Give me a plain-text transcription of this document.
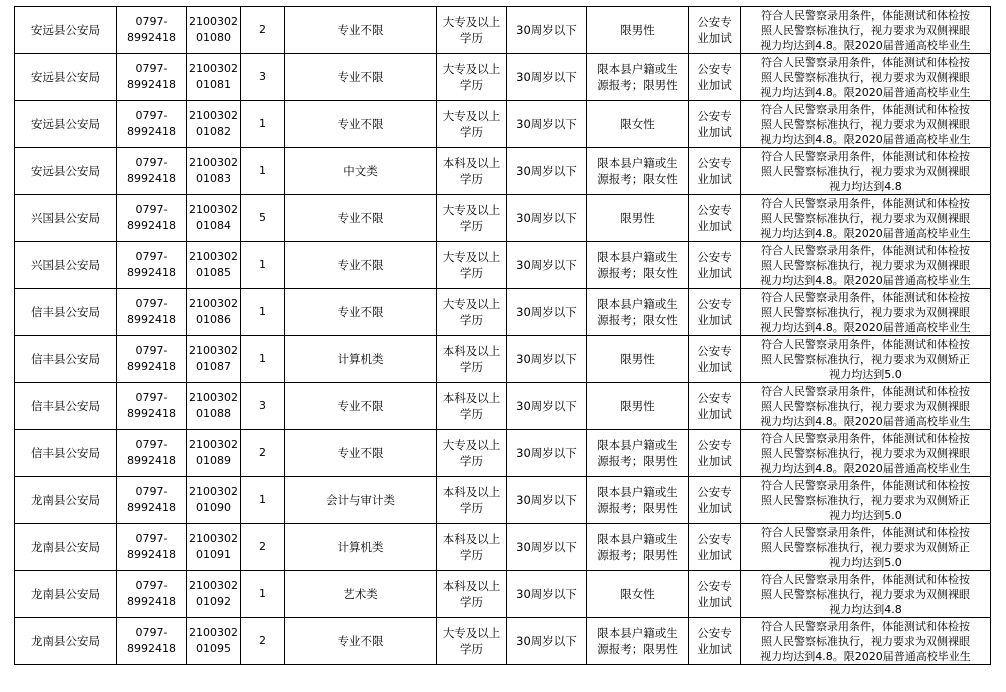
安远县公安局	0797-
8992418	2100302
01080	2	专业不限	大专及以上
学历	30周岁以下	限男性	公安专
业加试	符合人民警察录用条件，体能测试和体检按
照人民警察标准执行，视力要求为双侧裸眼
视力均达到4.8。限2020届普通高校毕业生

安远县公安局	0797-
8992418	2100302
01081	3	专业不限	大专及以上
学历	30周岁以下	限本县户籍或生
源报考；限男性	公安专
业加试	符合人民警察录用条件，体能测试和体检按
照人民警察标准执行，视力要求为双侧裸眼
视力均达到4.8。限2020届普通高校毕业生

安远县公安局	0797-
8992418	2100302
01082	1	专业不限	大专及以上
学历	30周岁以下	限女性	公安专
业加试	符合人民警察录用条件，体能测试和体检按
照人民警察标准执行，视力要求为双侧裸眼
视力均达到4.8。限2020届普通高校毕业生

安远县公安局	0797-
8992418	2100302
01083	1	中文类	本科及以上
学历	30周岁以下	限本县户籍或生
源报考；限女性	公安专
业加试	符合人民警察录用条件，体能测试和体检按
照人民警察标准执行，视力要求为双侧裸眼
视力均达到4.8

兴国县公安局	0797-
8992418	2100302
01084	5	专业不限	大专及以上
学历	30周岁以下	限男性	公安专
业加试	符合人民警察录用条件，体能测试和体检按
照人民警察标准执行，视力要求为双侧裸眼
视力均达到4.8。限2020届普通高校毕业生

兴国县公安局	0797-
8992418	2100302
01085	1	专业不限	大专及以上
学历	30周岁以下	限本县户籍或生
源报考；限女性	公安专
业加试	符合人民警察录用条件，体能测试和体检按
照人民警察标准执行，视力要求为双侧裸眼
视力均达到4.8。限2020届普通高校毕业生

信丰县公安局	0797-
8992418	2100302
01086	1	专业不限	大专及以上
学历	30周岁以下	限本县户籍或生
源报考；限女性	公安专
业加试	符合人民警察录用条件，体能测试和体检按
照人民警察标准执行，视力要求为双侧裸眼
视力均达到4.8。限2020届普通高校毕业生

信丰县公安局	0797-
8992418	2100302
01087	1	计算机类	本科及以上
学历	30周岁以下	限男性	公安专
业加试	符合人民警察录用条件，体能测试和体检按
照人民警察标准执行，视力要求为双侧矫正
视力均达到5.0

信丰县公安局	0797-
8992418	2100302
01088	3	专业不限	本科及以上
学历	30周岁以下	限男性	公安专
业加试	符合人民警察录用条件，体能测试和体检按
照人民警察标准执行，视力要求为双侧裸眼
视力均达到4.8。限2020届普通高校毕业生

信丰县公安局	0797-
8992418	2100302
01089	2	专业不限	大专及以上
学历	30周岁以下	限本县户籍或生
源报考；限男性	公安专
业加试	符合人民警察录用条件，体能测试和体检按
照人民警察标准执行，视力要求为双侧裸眼
视力均达到4.8。限2020届普通高校毕业生

龙南县公安局	0797-
8992418	2100302
01090	1	会计与审计类	本科及以上
学历	30周岁以下	限本县户籍或生
源报考；限男性	公安专
业加试	符合人民警察录用条件，体能测试和体检按
照人民警察标准执行，视力要求为双侧矫正
视力均达到5.0

龙南县公安局	0797-
8992418	2100302
01091	2	计算机类	本科及以上
学历	30周岁以下	限本县户籍或生
源报考；限男性	公安专
业加试	符合人民警察录用条件，体能测试和体检按
照人民警察标准执行，视力要求为双侧矫正
视力均达到5.0

龙南县公安局	0797-
8992418	2100302
01092	1	艺术类	本科及以上
学历	30周岁以下	限女性	公安专
业加试	符合人民警察录用条件，体能测试和体检按
照人民警察标准执行，视力要求为双侧裸眼
视力均达到4.8

龙南县公安局	0797-
8992418	2100302
01095	2	专业不限	大专及以上
学历	30周岁以下	限本县户籍或生
源报考；限男性	公安专
业加试	符合人民警察录用条件，体能测试和体检按
照人民警察标准执行，视力要求为双侧裸眼
视力均达到4.8。限2020届普通高校毕业生
